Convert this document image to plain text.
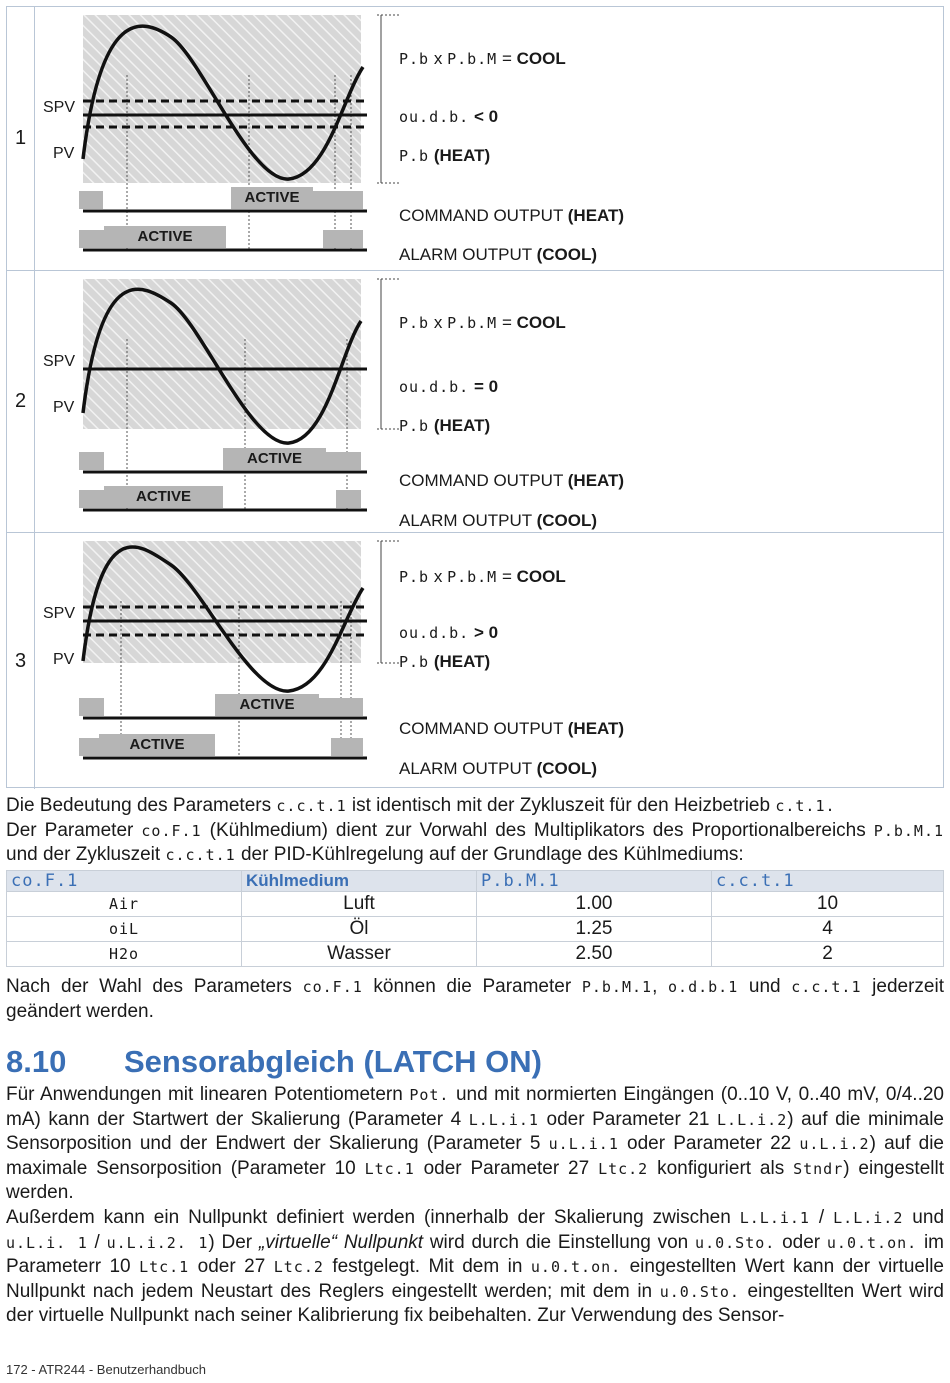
1
SPV
PV
P.b x P.b.M = COOL
ou.d.b. < 0
P.b (HEAT)
COMMAND OUTPUT (HEAT)
ALARM OUTPUT (COOL)
ACTIVE
ACTIVE
2
SPV
PV
P.b x P.b.M = COOL
ou.d.b. = 0
P.b (HEAT)
COMMAND OUTPUT (HEAT)
ALARM OUTPUT (COOL)
ACTIVE
ACTIVE
3
SPV
PV
P.b x P.b.M = COOL
ou.d.b. > 0
P.b (HEAT)
COMMAND OUTPUT (HEAT)
ALARM OUTPUT (COOL)
ACTIVE
ACTIVE
Die Bedeutung des Parameters c.c.t.1 ist identisch mit der Zykluszeit für den Heizbetrieb c.t.1.
Der Parameter co.F.1 (Kühlmedium) dient zur Vorwahl des Multiplikators des Proportionalbereichs P.b.M.1 und der Zykluszeit c.c.t.1 der PID-Kühlregelung auf der Grundlage des Kühlmediums:
co.F.1	Kühlmedium	P.b.M.1	c.c.t.1
Air	Luft	1.00	10
oiL	Öl	1.25	4
H2o	Wasser	2.50	2
Nach der Wahl des Parameters co.F.1 können die Parameter P.b.M.1, o.d.b.1 und c.c.t.1 jederzeit geändert werden.
8.10 Sensorabgleich (LATCH ON)
Für Anwendungen mit linearen Potentiometern Pot. und mit normierten Eingängen (0..10 V, 0..40 mV, 0/4..20 mA) kann der Startwert der Skalierung (Parameter 4 L.L.i.1 oder Parameter 21 L.L.i.2) auf die minimale Sensorposition und der Endwert der Skalierung (Parameter 5 u.L.i.1 oder Parameter 22 u.L.i.2) auf die maximale Sensorposition (Parameter 10 Ltc.1 oder Parameter 27 Ltc.2 konfiguriert als Stndr) eingestellt werden.
Außerdem kann ein Nullpunkt definiert werden (innerhalb der Skalierung zwischen L.L.i.1 / L.L.i.2 und u.L.i. 1 / u.L.i.2. 1) Der „virtuelle“ Nullpunkt wird durch die Einstellung von u.0.Sto. oder u.0.t.on. im Parameterr 10 Ltc.1 oder 27 Ltc.2 festgelegt. Mit dem in u.0.t.on. eingestellten Wert kann der virtuelle Nullpunkt nach jedem Neustart des Reglers eingestellt werden; mit dem in u.0.Sto. eingestellten Wert wird der virtuelle Nullpunkt nach seiner Kalibrierung fix beibehalten. Zur Verwendung des Sensor-
172 - ATR244 - Benutzerhandbuch
